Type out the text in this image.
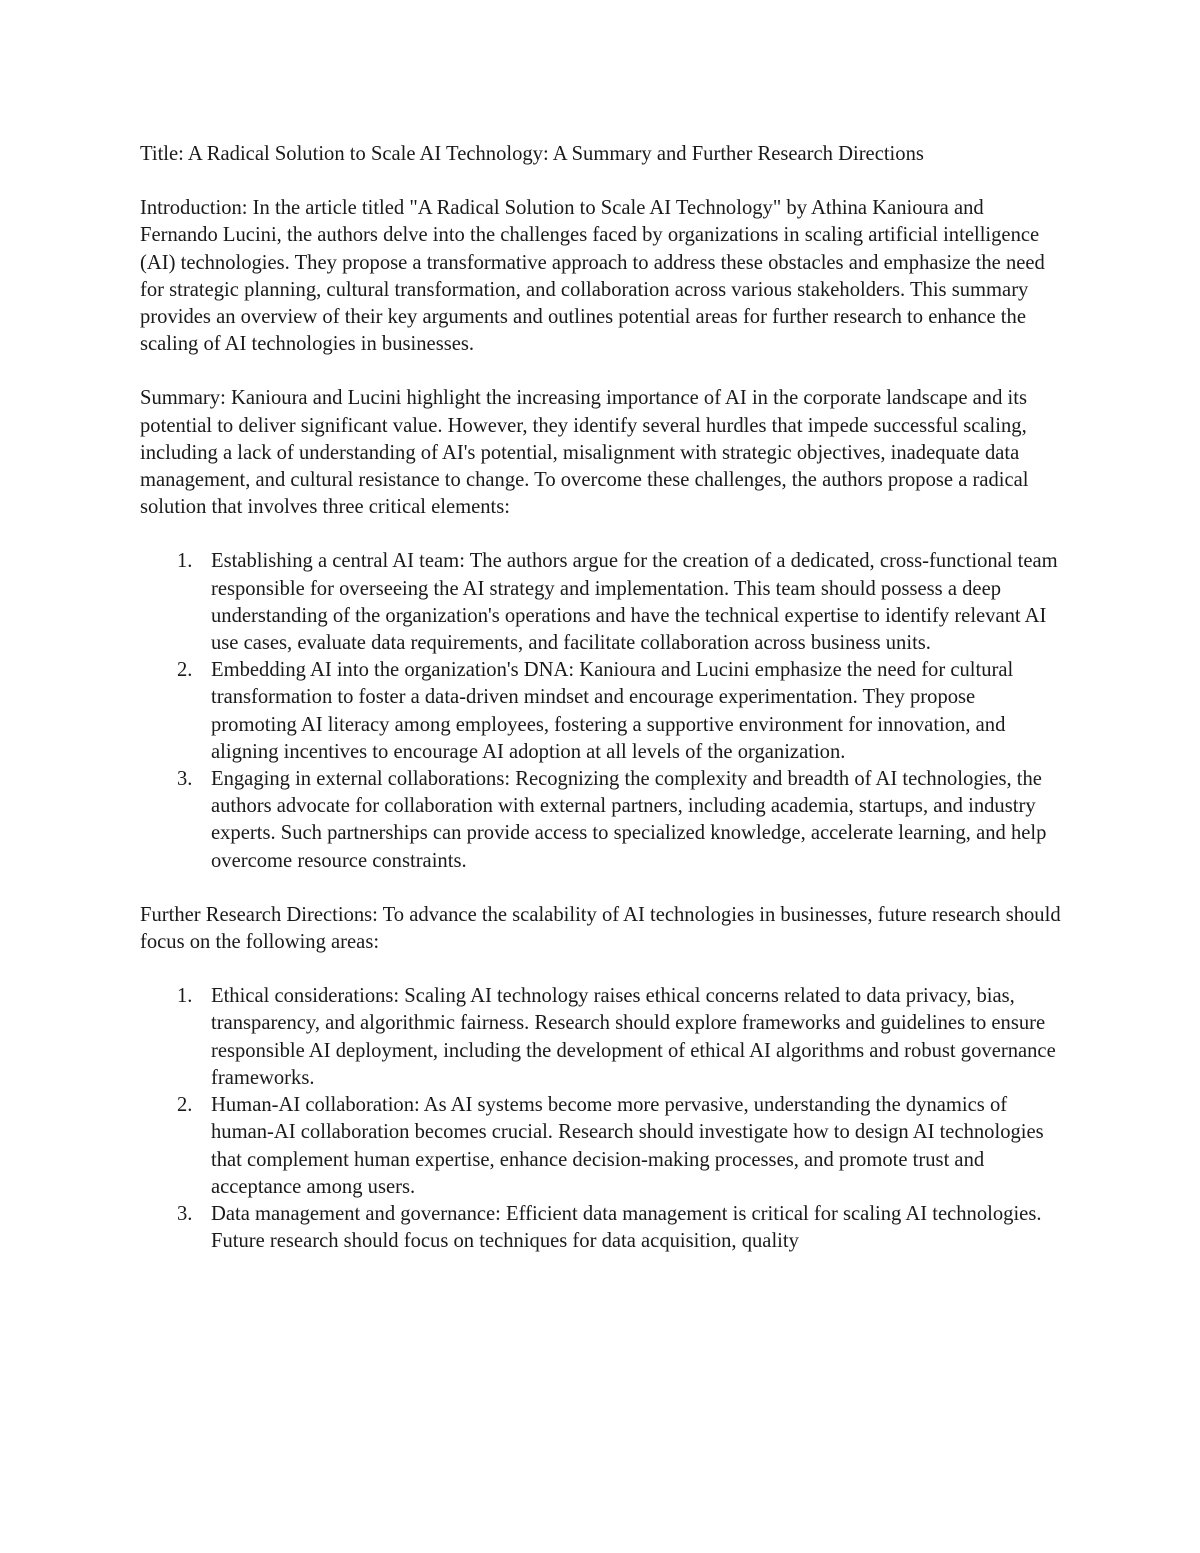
Title: A Radical Solution to Scale AI Technology: A Summary and Further Research Directions

Introduction: In the article titled "A Radical Solution to Scale AI Technology" by Athina Kanioura and Fernando Lucini, the authors delve into the challenges faced by organizations in scaling artificial intelligence (AI) technologies. They propose a transformative approach to address these obstacles and emphasize the need for strategic planning, cultural transformation, and collaboration across various stakeholders. This summary provides an overview of their key arguments and outlines potential areas for further research to enhance the scaling of AI technologies in businesses.

Summary: Kanioura and Lucini highlight the increasing importance of AI in the corporate landscape and its potential to deliver significant value. However, they identify several hurdles that impede successful scaling, including a lack of understanding of AI's potential, misalignment with strategic objectives, inadequate data management, and cultural resistance to change. To overcome these challenges, the authors propose a radical solution that involves three critical elements:

1. Establishing a central AI team: The authors argue for the creation of a dedicated, cross-functional team responsible for overseeing the AI strategy and implementation. This team should possess a deep understanding of the organization's operations and have the technical expertise to identify relevant AI use cases, evaluate data requirements, and facilitate collaboration across business units.
2. Embedding AI into the organization's DNA: Kanioura and Lucini emphasize the need for cultural transformation to foster a data-driven mindset and encourage experimentation. They propose promoting AI literacy among employees, fostering a supportive environment for innovation, and aligning incentives to encourage AI adoption at all levels of the organization.
3. Engaging in external collaborations: Recognizing the complexity and breadth of AI technologies, the authors advocate for collaboration with external partners, including academia, startups, and industry experts. Such partnerships can provide access to specialized knowledge, accelerate learning, and help overcome resource constraints.

Further Research Directions: To advance the scalability of AI technologies in businesses, future research should focus on the following areas:

1. Ethical considerations: Scaling AI technology raises ethical concerns related to data privacy, bias, transparency, and algorithmic fairness. Research should explore frameworks and guidelines to ensure responsible AI deployment, including the development of ethical AI algorithms and robust governance frameworks.
2. Human-AI collaboration: As AI systems become more pervasive, understanding the dynamics of human-AI collaboration becomes crucial. Research should investigate how to design AI technologies that complement human expertise, enhance decision-making processes, and promote trust and acceptance among users.
3. Data management and governance: Efficient data management is critical for scaling AI technologies. Future research should focus on techniques for data acquisition, quality
